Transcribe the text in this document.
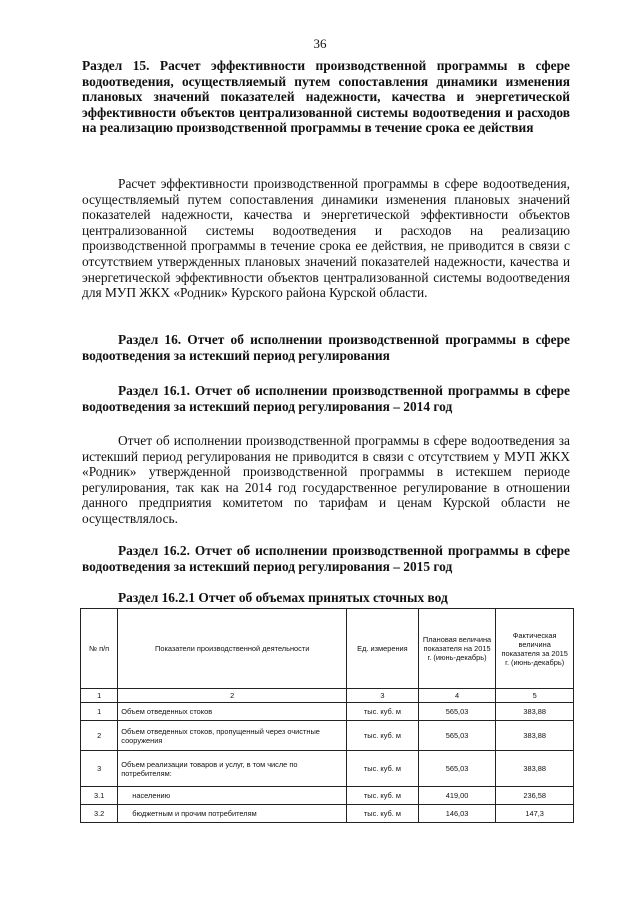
36
Раздел 15. Расчет эффективности производственной программы в сфере водоотведения, осуществляемый путем сопоставления динамики изменения плановых значений показателей надежности, качества и энергетической эффективности объектов централизованной системы водоотведения и расходов на реализацию производственной программы в течение срока ее действия
Расчет эффективности производственной программы в сфере водоотведения, осуществляемый путем сопоставления динамики изменения плановых значений показателей надежности, качества и энергетической эффективности объектов централизованной системы водоотведения и расходов на реализацию производственной программы в течение срока ее действия, не приводится в связи с отсутствием утвержденных плановых значений показателей надежности, качества и энергетической эффективности объектов централизованной системы водоотведения для МУП ЖКХ «Родник» Курского района Курской области.
Раздел 16. Отчет об исполнении производственной программы в сфере водоотведения за истекший период регулирования
Раздел 16.1. Отчет об исполнении производственной программы в сфере водоотведения за истекший период регулирования – 2014 год
Отчет об исполнении производственной программы в сфере водоотведения за истекший период регулирования не приводится в связи с отсутствием у МУП ЖКХ «Родник» утвержденной производственной программы в истекшем периоде регулирования, так как на 2014 год государственное регулирование в отношении данного предприятия комитетом по тарифам и ценам Курской области не осуществлялось.
Раздел 16.2. Отчет об исполнении производственной программы в сфере водоотведения за истекший период регулирования – 2015 год
Раздел 16.2.1 Отчет об объемах принятых сточных вод
№ п/п	Показатели производственной деятельности	Ед. измерения	Плановая величина показателя на 2015 г. (июнь-декабрь)	Фактическая величина показателя за 2015 г. (июнь-декабрь)
1	2	3	4	5
1	Объем отведенных стоков	тыс. куб. м	565,03	383,88
2	Объем отведенных стоков, пропущенный через очистные сооружения	тыс. куб. м	565,03	383,88
3	Объем реализации товаров и услуг, в том числе по потребителям:	тыс. куб. м	565,03	383,88
3.1	населению	тыс. куб. м	419,00	236,58
3.2	бюджетным и прочим потребителям	тыс. куб. м	146,03	147,3
